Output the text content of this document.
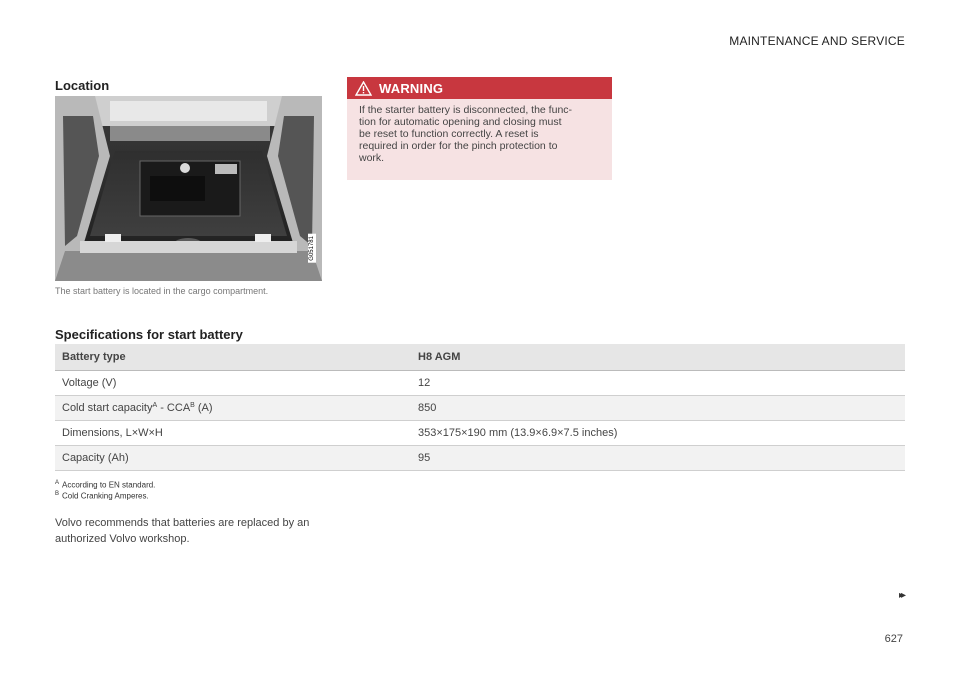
MAINTENANCE AND SERVICE
Location
G051781
The start battery is located in the cargo compartment.
WARNING
If the starter battery is disconnected, the func-
tion for automatic opening and closing must
be reset to function correctly. A reset is
required in order for the pinch protection to
work.
Specifications for start battery
Battery type	H8 AGM
Voltage (V)	12
Cold start capacity$^A$ - $CCA^B$ (A)	850
Dimensions, L×W×H	353×175×190 mm (13.9×6.9×7.5 inches)
Capacity (Ah)	95
$^A$ According to EN standard.
$^B$ Cold Cranking Amperes.
Volvo recommends that batteries are replaced by an authorized Volvo workshop.
▸▸
627
